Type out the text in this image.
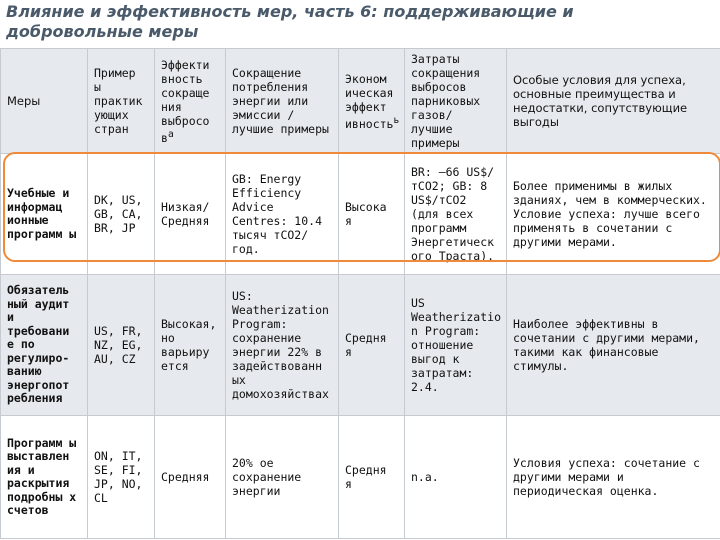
Влияние и эффективность мер, часть 6: поддерживающие и добровольные меры
Меры	Пример ы практик ующих стран	Эффекти вность сокраще ния выбросо $в^а$	Сокращение потребления энергии или эмиссии / лучшие примеры	Эконом ическая эффект ивность$^ь$	Затраты сокращения выбросов парниковых газов/ лучшие примеры	Особые условия для успеха, основные преимущества и недостатки, сопутствующие выгоды
Учебные и информац ионные программ ы	DK, US, GB, CA, BR, JP	Низкая/ Средняя	GB: Energy Efficiency Advice Centres: 10.4 тысяч тCO2/год.	Высока я	BR: –66 US$/тCO2; GB: 8 US$/тCO2 (для всех программ Энергетическ ого Траста).	Более применимы в жилых зданиях, чем в коммерческих. Условие успеха: лучше всего применять в сочетании с другими мерами.
Обязатель ный аудит и требовани е по регулиро- ванию энергопот ребления	US, FR, NZ, EG, AU, CZ	Высокая, но варьиру ется	US: Weatherization Program: сохранение энергии 22% в задействованн ых домохозяйствах	Средня я	US Weatherizatio n Program: отношение выгод к затратам: 2.4.	Наиболее эффективны в сочетании с другими мерами, такими как финансовые стимулы.
Программ ы выставлен ия и раскрытия подробны х счетов	ON, IT, SE, FI, JP, NO, CL	Средняя	20% ое сохранение энергии	Средня я	n.a.	Условия успеха: сочетание с другими мерами и периодическая оценка.
